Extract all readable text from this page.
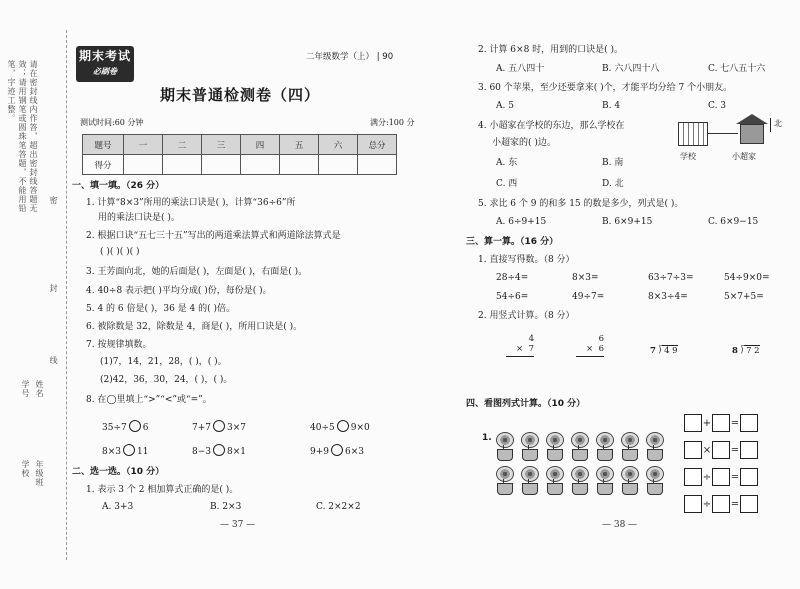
请在密封线内作答，超出密封线答题无效；请用钢笔或圆珠笔答题，不能用铅笔，字迹工整。
密
封
线
学号 姓名
学校 年级班
期末考试
必刷卷
二年级数学（上） | 90
期末普通检测卷（四）
测试时间:60 分钟	满分:100 分
题号	一	二	三	四	五	六	总分
得分							
一、填一填。（26 分）
1. 计算“8×3”所用的乘法口诀是( )，计算“36÷6”所
用的乘法口诀是( )。
2. 根据口诀“五七三十五”写出的两道乘法算式和两道除法算式是
( )( )( )( )
3. 王芳面向北，她的后面是( )，左面是( )，右面是( )。
4. 40÷8 表示把( )平均分成( )份，每份是( )。
5. 4 的 6 倍是( )，36 是 4 的( )倍。
6. 被除数是 32，除数是 4，商是( )，所用口诀是( )。
7. 按规律填数。
(1)7，14，21，28，( )，( )。
(2)42，36，30，24，( )，( )。
8. 在◯里填上“>”“<”或“=”。
35÷7 6	7+7 3×7	40÷5 9×0
8×3 11	8−3 8×1	9+9 6×3
二、选一选。（10 分）
1. 表示 3 个 2 相加算式正确的是( )。
A. 3+3	B. 2×3	C. 2×2×2
— 37 —
2. 计算 6×8 时，用到的口诀是( )。
A. 五八四十	B. 六八四十八	C. 七八五十六
3. 60 个苹果，至少还要拿来( )个，才能平均分给 7 个小朋友。
A. 5	B. 4	C. 3
4. 小超家在学校的东边，那么学校在
小超家的( )边。
北
学校	小超家
A. 东	B. 南
C. 西	D. 北
5. 求比 6 个 9 的和多 15 的数是多少，列式是( )。
A. 6÷9+15	B. 6×9+15	C. 6×9−15
三、算一算。（16 分）
1. 直接写得数。（8 分）
28÷4=	8×3=	63÷7÷3=	54÷9×0=
54÷6=	49÷7=	8×3÷4=	5×7+5=
2. 用竖式计算。（8 分）
4
× 7
6
× 6	7 ⟌ 4 9	8 ⟌ 7 2
四、看图列式计算。（10 分）
1.
+ =
× =
÷ =
÷ =
— 38 —
